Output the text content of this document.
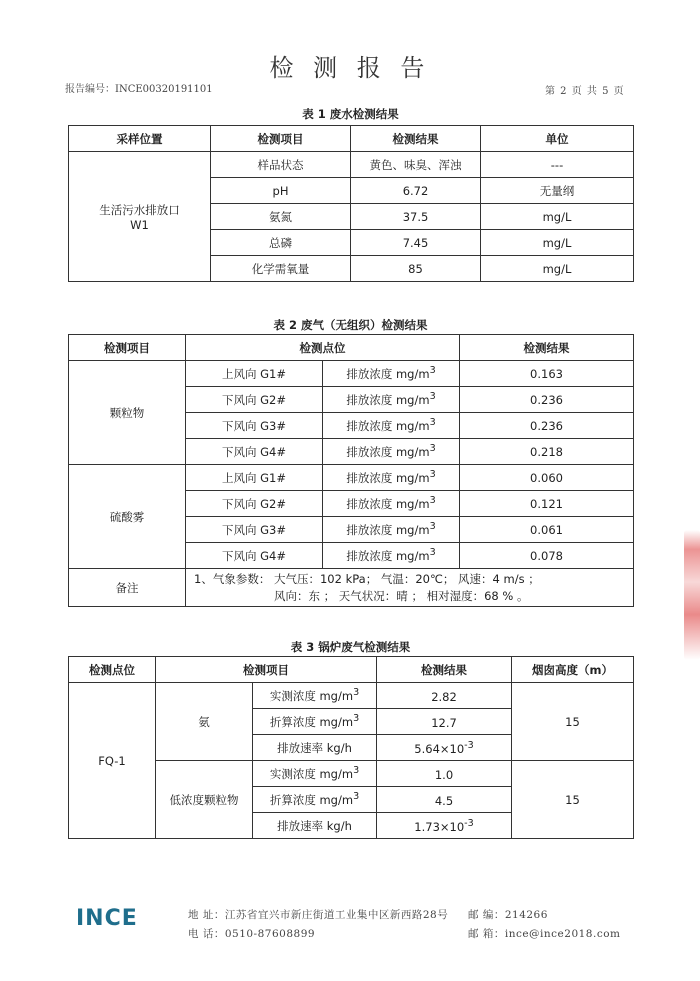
检 测 报 告
报告编号：INCE00320191101	第 2 页 共 5 页
表 1 废水检测结果
采样位置	检测项目	检测结果	单位

生活污水排放口
W1	样品状态	黄色、味臭、浑浊	---
	pH	6.72	无量纲
	氨氮	37.5	mg/L
	总磷	7.45	mg/L
	化学需氧量	85	mg/L
表 2 废气（无组织）检测结果
检测项目	检测点位		检测结果
颗粒物	上风向 G1#	排放浓度 $mg/m^3$	0.163
	下风向 G2#	排放浓度 $mg/m^3$	0.236
	下风向 G3#	排放浓度 $mg/m^3$	0.236
	下风向 G4#	排放浓度 $mg/m^3$	0.218
硫酸雾	上风向 G1#	排放浓度 $mg/m^3$	0.060
	下风向 G2#	排放浓度 $mg/m^3$	0.121
	下风向 G3#	排放浓度 $mg/m^3$	0.061
	下风向 G4#	排放浓度 $mg/m^3$	0.078
备注	1、气象参数： 大气压：102 kPa； 气温：20℃； 风速：4 m/s ；
风向：东 ； 天气状况：晴 ； 相对湿度：68 % 。		
表 3 锅炉废气检测结果
检测点位	检测项目		检测结果	烟囱高度（m）
FQ-1	氨	实测浓度 $mg/m^3$	2.82	15
		折算浓度 $mg/m^3$	12.7	
		排放速率 kg/h	$5.64\times 10^{-3}$
	低浓度颗粒物	实测浓度 $mg/m^3$	1.0	15
		折算浓度 $mg/m^3$	4.5	
		排放速率 kg/h	$1.73\times 10^{-3}$
INCE	地 址：江苏省宜兴市新庄街道工业集中区新西路28号 邮 编：214266
电 话：0510-87608899	邮 箱：ince@ince2018.com
